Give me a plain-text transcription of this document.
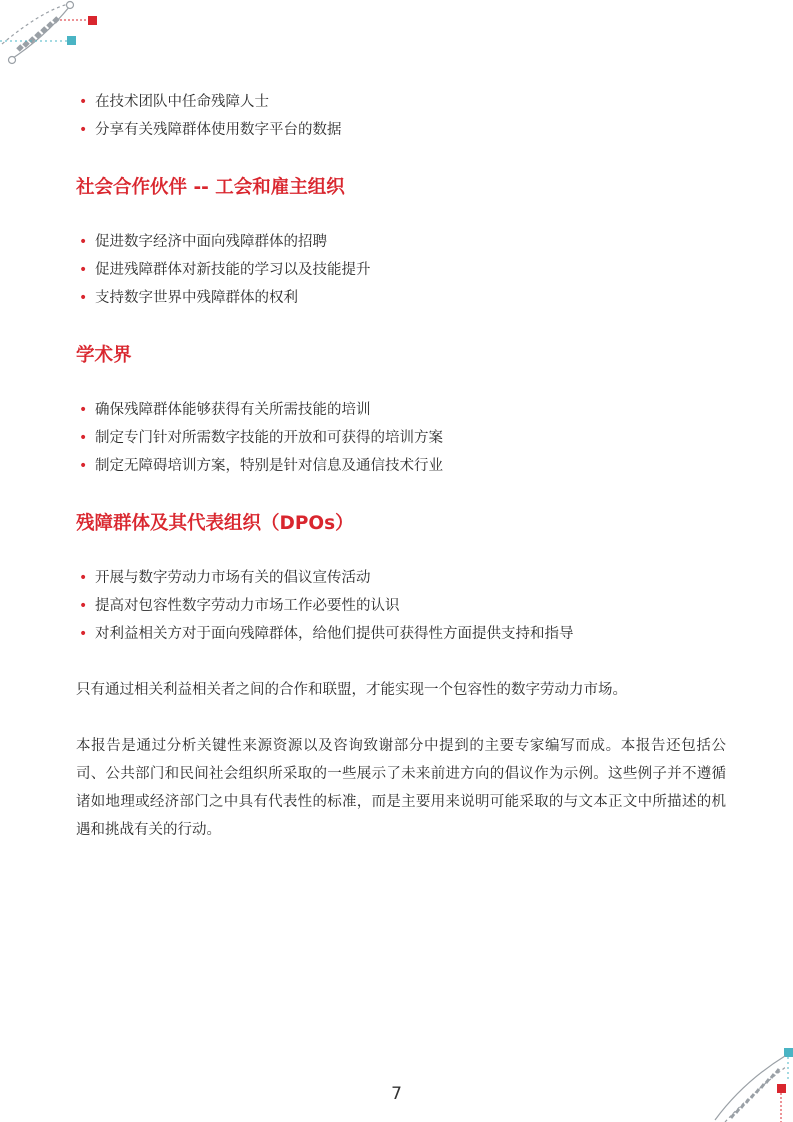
• 在技术团队中任命残障人士
• 分享有关残障群体使用数字平台的数据
社会合作伙伴 -- 工会和雇主组织
• 促进数字经济中面向残障群体的招聘
• 促进残障群体对新技能的学习以及技能提升
• 支持数字世界中残障群体的权利
学术界
• 确保残障群体能够获得有关所需技能的培训
• 制定专门针对所需数字技能的开放和可获得的培训方案
• 制定无障碍培训方案，特别是针对信息及通信技术行业
残障群体及其代表组织（DPOs）
• 开展与数字劳动力市场有关的倡议宣传活动
• 提高对包容性数字劳动力市场工作必要性的认识
• 对利益相关方对于面向残障群体，给他们提供可获得性方面提供支持和指导

只有通过相关利益相关者之间的合作和联盟，才能实现一个包容性的数字劳动力市场。

本报告是通过分析关键性来源资源以及咨询致谢部分中提到的主要专家编写而成。本报告还包括公司、公共部门和民间社会组织所采取的一些展示了未来前进方向的倡议作为示例。这些例子并不遵循诸如地理或经济部门之中具有代表性的标准，而是主要用来说明可能采取的与文本正文中所描述的机遇和挑战有关的行动。

7
